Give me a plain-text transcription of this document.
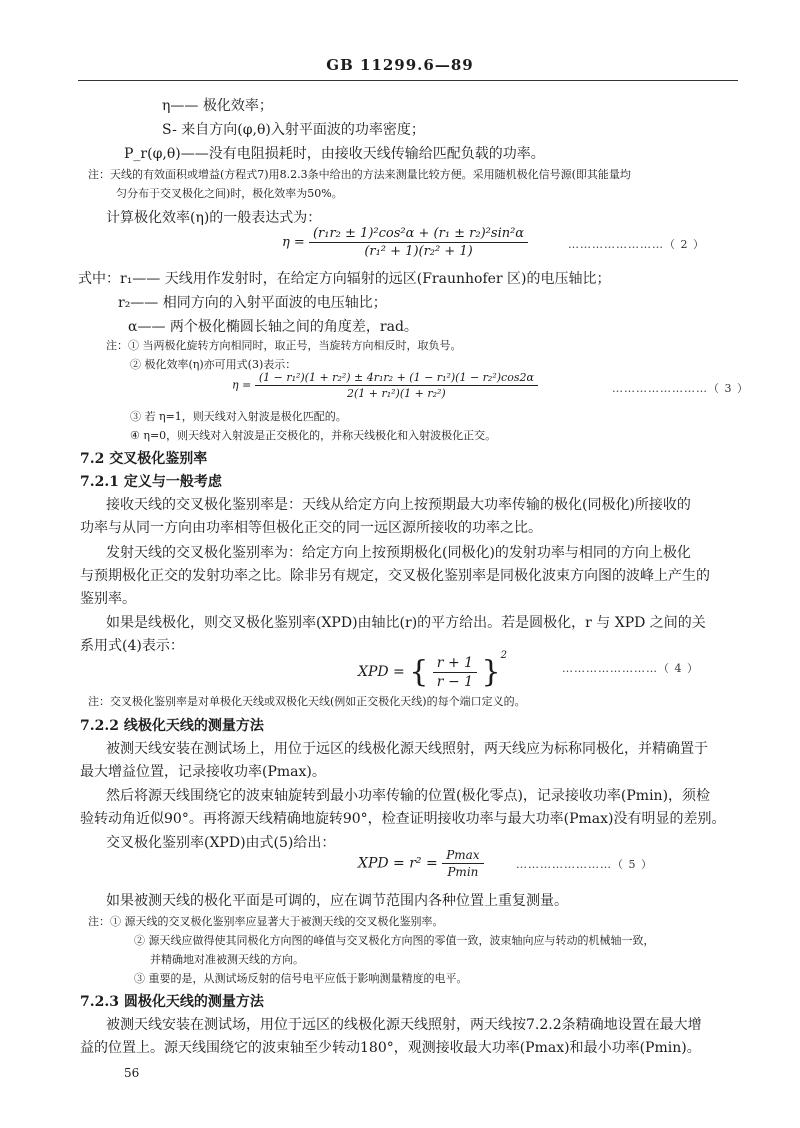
GB 11299.6—89
η—— 极化效率；
S- 来自方向(φ,θ)入射平面波的功率密度；
P_r(φ,θ)——没有电阻损耗时，由接收天线传输给匹配负载的功率。
注：天线的有效面积或增益(方程式7)用8.2.3条中给出的方法来测量比较方便。采用随机极化信号源(即其能量均
匀分布于交叉极化之间)时，极化效率为50%。
计算极化效率(η)的一般表达式为：
$\eta = \frac{\text{(r₁r₂ ± 1)²cos²α + (r₁ ± r₂)²sin²α}}{\text{(r₁² + 1)(r₂² + 1)}}$	……………………（ 2 ）
式中：r₁—— 天线用作发射时，在给定方向辐射的远区(Fraunhofer 区)的电压轴比；
r₂—— 相同方向的入射平面波的电压轴比；
α—— 两个极化椭圆长轴之间的角度差，rad。
注：① 当两极化旋转方向相同时，取正号，当旋转方向相反时，取负号。
② 极化效率(η)亦可用式(3)表示：
$\eta = \frac{\text{(1 − r₁²)(1 + r₂²) ± 4r₁r₂ + (1 − r₁²)(1 − r₂²)cos2α}}{\text{2(1 + r₁²)(1 + r₂²)}}$	……………………（ 3 ）
③ 若 η=1，则天线对入射波是极化匹配的。
④ η=0，则天线对入射波是正交极化的，并称天线极化和入射波极化正交。
7.2 交叉极化鉴别率
7.2.1 定义与一般考虑
接收天线的交叉极化鉴别率是：天线从给定方向上按预期最大功率传输的极化(同极化)所接收的
功率与从同一方向由功率相等但极化正交的同一远区源所接收的功率之比。
发射天线的交叉极化鉴别率为：给定方向上按预期极化(同极化)的发射功率与相同的方向上极化
与预期极化正交的发射功率之比。除非另有规定，交叉极化鉴别率是同极化波束方向图的波峰上产生的
鉴别率。
如果是线极化，则交叉极化鉴别率(XPD)由轴比(r)的平方给出。若是圆极化，r 与 XPD 之间的关
系用式(4)表示：
XPD = { $\frac{r + 1}{r - 1} \}^2$
……………………（ 4 ）
注：交叉极化鉴别率是对单极化天线或双极化天线(例如正交极化天线)的每个端口定义的。
7.2.2 线极化天线的测量方法
被测天线安装在测试场上，用位于远区的线极化源天线照射，两天线应为标称同极化，并精确置于
最大增益位置，记录接收功率(Pmax)。
然后将源天线围绕它的波束轴旋转到最小功率传输的位置(极化零点)，记录接收功率(Pmin)，须检
验转动角近似90°。再将源天线精确地旋转90°，检查证明接收功率与最大功率(Pmax)没有明显的差别。
交叉极化鉴别率(XPD)由式(5)给出：
XPD = $r^2 = \frac{Pmax}{Pmin}$	……………………（ 5 ）
如果被测天线的极化平面是可调的，应在调节范围内各种位置上重复测量。
注：① 源天线的交叉极化鉴别率应显著大于被测天线的交叉极化鉴别率。
② 源天线应做得使其同极化方向图的峰值与交叉极化方向图的零值一致，波束轴向应与转动的机械轴一致，
并精确地对准被测天线的方向。
③ 重要的是，从测试场反射的信号电平应低于影响测量精度的电平。
7.2.3 圆极化天线的测量方法
被测天线安装在测试场，用位于远区的线极化源天线照射，两天线按7.2.2条精确地设置在最大增
益的位置上。源天线围绕它的波束轴至少转动180°，观测接收最大功率(Pmax)和最小功率(Pmin)。
56
